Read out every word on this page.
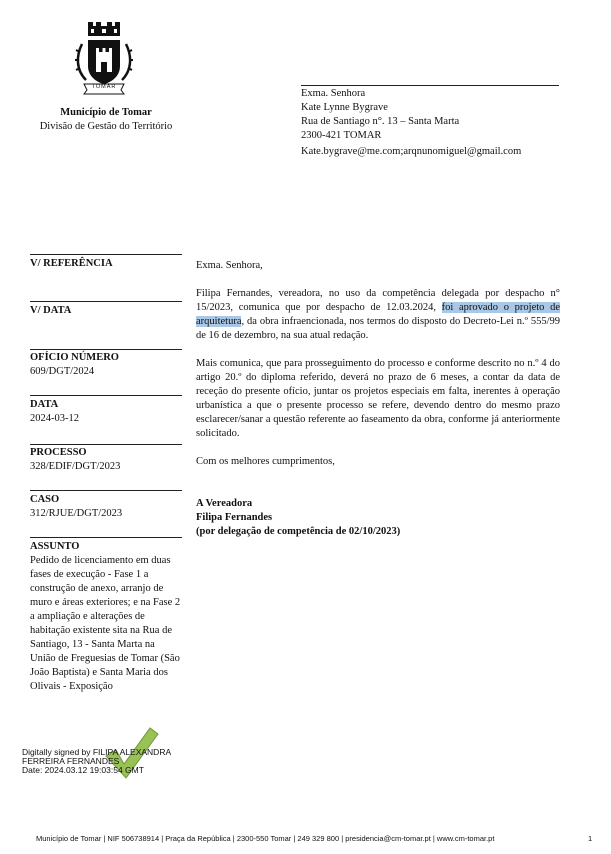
TOMAR
Município de Tomar
Divisão de Gestão do Território
Exma. Senhora
Kate Lynne Bygrave
Rua de Santiago n°. 13 – Santa Marta
2300-421 TOMAR
Kate.bygrave@me.com;arqnunomiguel@gmail.com
V/ REFERÊNCIA
V/ DATA
OFÍCIO NÚMERO
609/DGT/2024
DATA
2024-03-12
PROCESSO
328/EDIF/DGT/2023
CASO
312/RJUE/DGT/2023
ASSUNTO
Pedido de licenciamento em duas fases de execução - Fase 1 a construção de anexo, arranjo de muro e áreas exteriores; e na Fase 2 a ampliação e alterações de habitação existente sita na Rua de Santiago, 13 - Santa Marta na União de Freguesias de Tomar (São João Baptista) e Santa Maria dos Olivais - Exposição

Exma. Senhora,

Filipa Fernandes, vereadora, no uso da competência delegada por despacho n° 15/2023, comunica que por despacho de 12.03.2024, foi aprovado o projeto de arquitetura, da obra infraencionada, nos termos do disposto do Decreto-Lei n.º 555/99 de 16 de dezembro, na sua atual redação.

Mais comunica, que para prosseguimento do processo e conforme descrito no n.º 4 do artigo 20.º do diploma referido, deverá no prazo de 6 meses, a contar da data de receção do presente ofício, juntar os projetos especiais em falta, inerentes à operação urbanística a que o presente processo se refere, devendo dentro do mesmo prazo esclarecer/sanar a questão referente ao faseamento da obra, conforme já anteriormente solicitado.

Com os melhores cumprimentos,

A Vereadora
Filipa Fernandes
(por delegação de competência de 02/10/2023)
Digitally signed by FILIPA ALEXANDRA
FERREIRA FERNANDES
Date: 2024.03.12 19:03:54 GMT
Município de Tomar | NIF 506738914 | Praça da República | 2300-550 Tomar | 249 329 800 | presidencia@cm-tomar.pt | www.cm-tomar.pt	1
